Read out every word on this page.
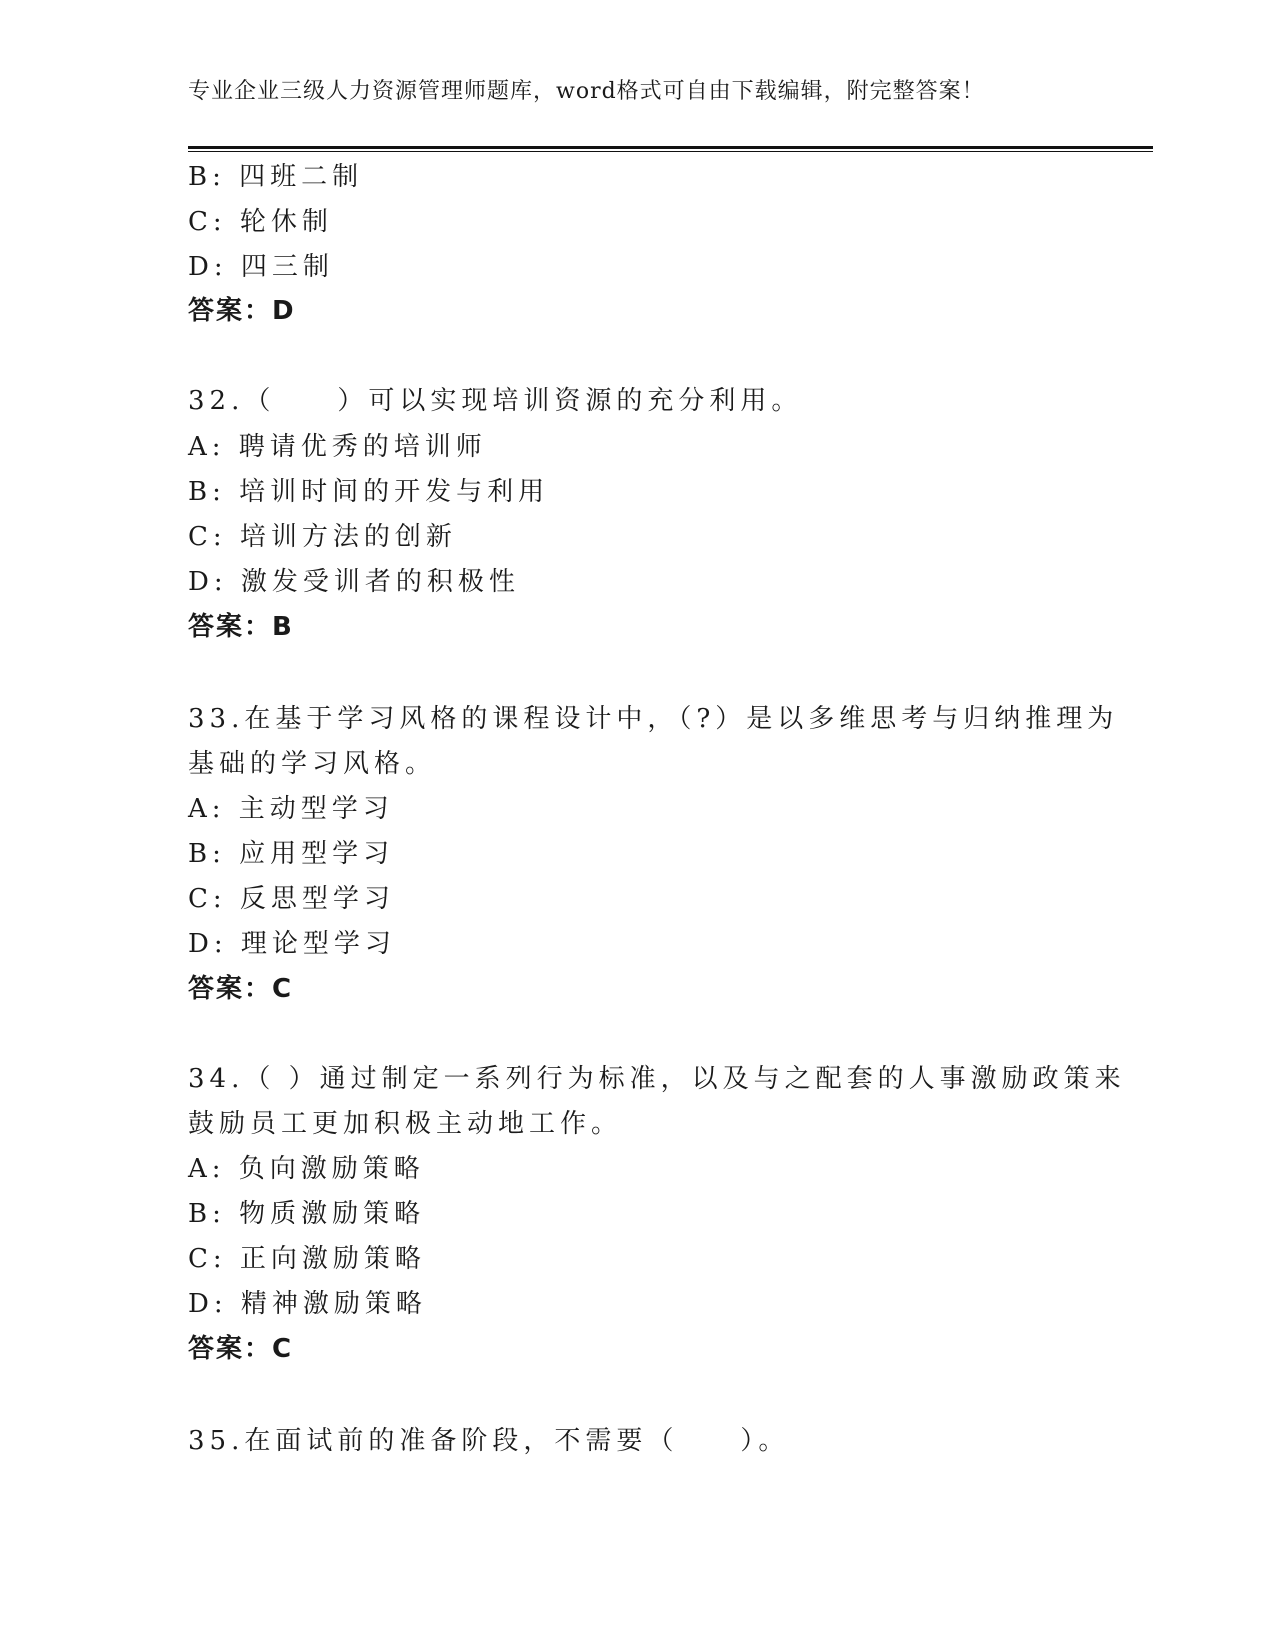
专业企业三级人力资源管理师题库，word格式可自由下载编辑，附完整答案！
B: 四班二制
C: 轮休制
D: 四三制
答案：D
32.（　　）可以实现培训资源的充分利用。
A: 聘请优秀的培训师
B: 培训时间的开发与利用
C: 培训方法的创新
D: 激发受训者的积极性
答案：B
33.在基于学习风格的课程设计中，（?）是以多维思考与归纳推理为
基础的学习风格。
A: 主动型学习
B: 应用型学习
C: 反思型学习
D: 理论型学习
答案：C
34.（ ）通过制定一系列行为标准，以及与之配套的人事激励政策来
鼓励员工更加积极主动地工作。
A: 负向激励策略
B: 物质激励策略
C: 正向激励策略
D: 精神激励策略
答案：C
35.在面试前的准备阶段，不需要（　　）。
